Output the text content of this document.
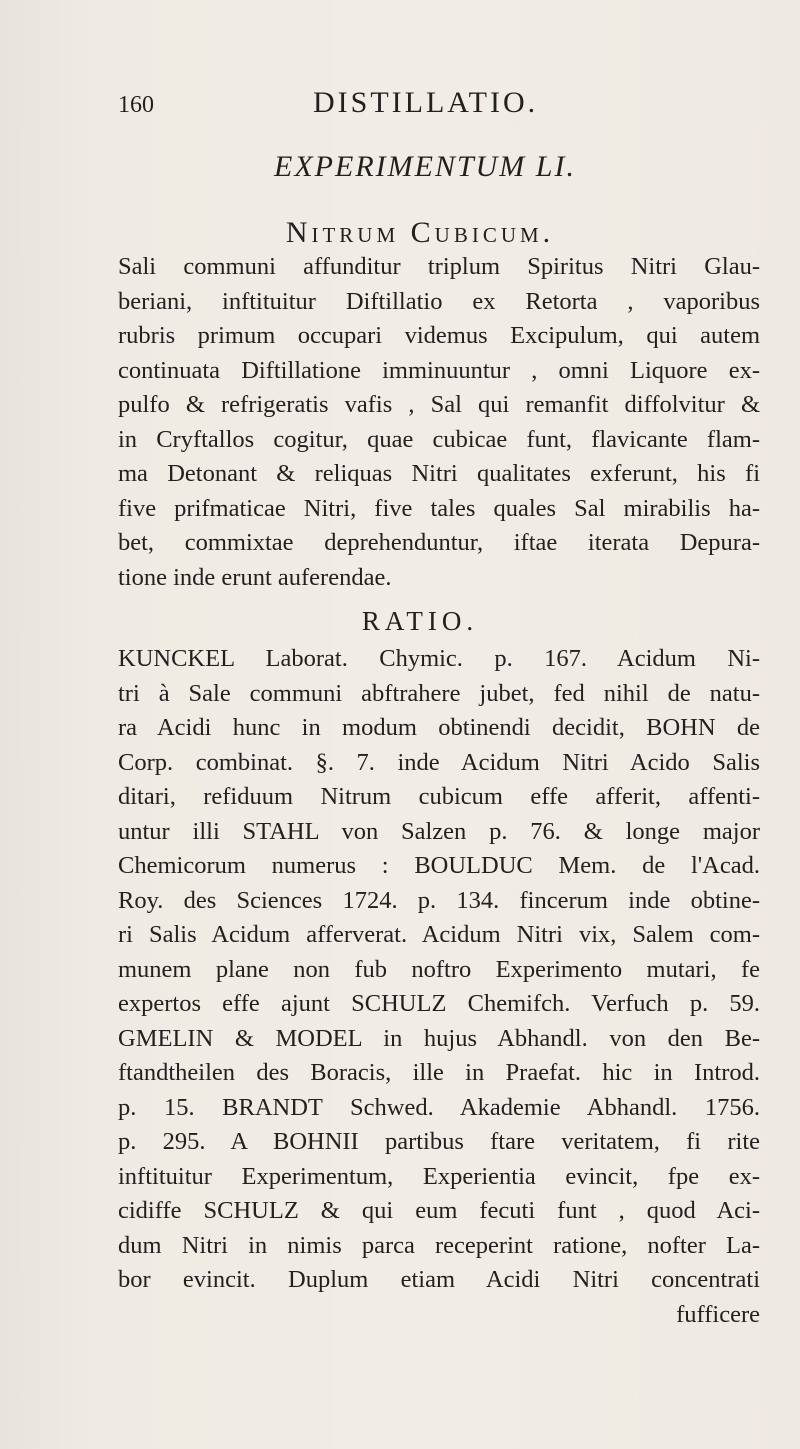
160	DISTILLATIO.
EXPERIMENTUM LI.
Nitrum Cubicum.
Sali communi affunditur triplum Spiritus Nitri Glau-
beriani, inftituitur Diftillatio ex Retorta , vaporibus
rubris primum occupari videmus Excipulum, qui autem
continuata Diftillatione imminuuntur , omni Liquore ex-
pulfo & refrigeratis vafis , Sal qui remanfit diffolvitur &
in Cryftallos cogitur, quae cubicae funt, flavicante flam-
ma Detonant & reliquas Nitri qualitates exferunt, his fi
five prifmaticae Nitri, five tales quales Sal mirabilis ha-
bet, commixtae deprehenduntur, iftae iterata Depura-
tione inde erunt auferendae.
RATIO.
KUNCKEL Laborat. Chymic. p. 167. Acidum Ni-
tri à Sale communi abftrahere jubet, fed nihil de natu-
ra Acidi hunc in modum obtinendi decidit, BOHN de
Corp. combinat. §. 7. inde Acidum Nitri Acido Salis
ditari, refiduum Nitrum cubicum effe afferit, affenti-
untur illi STAHL von Salzen p. 76. & longe major
Chemicorum numerus : BOULDUC Mem. de l'Acad.
Roy. des Sciences 1724. p. 134. fincerum inde obtine-
ri Salis Acidum afferverat. Acidum Nitri vix, Salem com-
munem plane non fub noftro Experimento mutari, fe
expertos effe ajunt SCHULZ Chemifch. Verfuch p. 59.
GMELIN & MODEL in hujus Abhandl. von den Be-
ftandtheilen des Boracis, ille in Praefat. hic in Introd.
p. 15. BRANDT Schwed. Akademie Abhandl. 1756.
p. 295. A BOHNII partibus ftare veritatem, fi rite
inftituitur Experimentum, Experientia evincit, fpe ex-
cidiffe SCHULZ & qui eum fecuti funt , quod Aci-
dum Nitri in nimis parca receperint ratione, nofter La-
bor evincit. Duplum etiam Acidi Nitri concentrati
fufficere
